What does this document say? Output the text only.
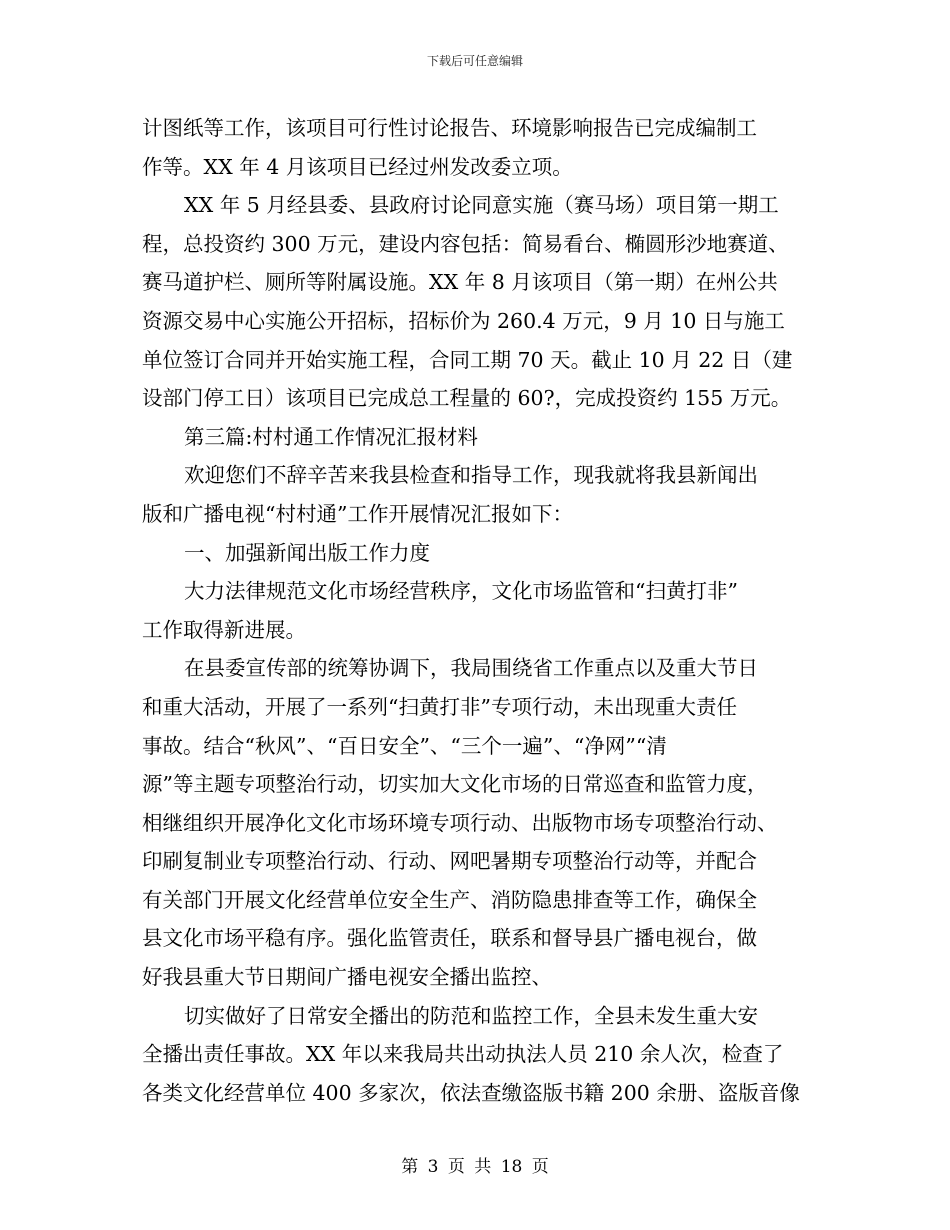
下载后可任意编辑
计图纸等工作，该项目可行性讨论报告、环境影响报告已完成编制工
作等。XX 年 4 月该项目已经过州发改委立项。
XX 年 5 月经县委、县政府讨论同意实施（赛马场）项目第一期工
程，总投资约 300 万元，建设内容包括：简易看台、椭圆形沙地赛道、
赛马道护栏、厕所等附属设施。XX 年 8 月该项目（第一期）在州公共
资源交易中心实施公开招标，招标价为 260.4 万元，9 月 10 日与施工
单位签订合同并开始实施工程，合同工期 70 天。截止 10 月 22 日（建
设部门停工日）该项目已完成总工程量的 60?，完成投资约 155 万元。
第三篇:村村通工作情况汇报材料
欢迎您们不辞辛苦来我县检查和指导工作，现我就将我县新闻出
版和广播电视“村村通”工作开展情况汇报如下：
一、加强新闻出版工作力度
大力法律规范文化市场经营秩序，文化市场监管和“扫黄打非”
工作取得新进展。
在县委宣传部的统筹协调下，我局围绕省工作重点以及重大节日
和重大活动，开展了一系列“扫黄打非”专项行动，未出现重大责任
事故。结合“秋风”、“百日安全”、“三个一遍”、“净网”“清
源”等主题专项整治行动，切实加大文化市场的日常巡查和监管力度，
相继组织开展净化文化市场环境专项行动、出版物市场专项整治行动、
印刷复制业专项整治行动、行动、网吧暑期专项整治行动等，并配合
有关部门开展文化经营单位安全生产、消防隐患排查等工作，确保全
县文化市场平稳有序。强化监管责任，联系和督导县广播电视台，做
好我县重大节日期间广播电视安全播出监控、
切实做好了日常安全播出的防范和监控工作，全县未发生重大安
全播出责任事故。XX 年以来我局共出动执法人员 210 余人次，检查了
各类文化经营单位 400 多家次，依法查缴盗版书籍 200 余册、盗版音像
第 3 页 共 18 页
